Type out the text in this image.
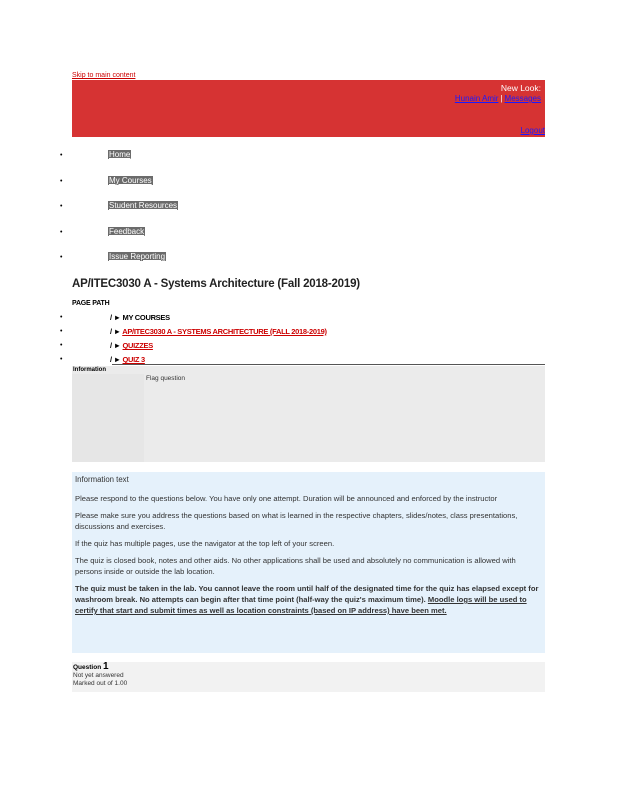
Skip to main content
New Look:
Hunain Amir | Messages
Logout
•	Home
•	My Courses
•	Student Resources
•	Feedback
•	Issue Reporting
AP/ITEC3030 A - Systems Architecture (Fall 2018-2019)
PAGE PATH
•	/ ► MY COURSES
•	/ ► AP/ITEC3030 A - SYSTEMS ARCHITECTURE (FALL 2018-2019)
•	/ ► QUIZZES
•	/ ► QUIZ 3
Information
Flag question

Information text

Please respond to the questions below. You have only one attempt. Duration will be announced and enforced by the instructor

Please make sure you address the questions based on what is learned in the respective chapters, slides/notes, class presentations, discussions and exercises.

If the quiz has multiple pages, use the navigator at the top left of your screen.

The quiz is closed book, notes and other aids. No other applications shall be used and absolutely no communication is allowed with persons inside or outside the lab location.

The quiz must be taken in the lab. You cannot leave the room until half of the designated time for the quiz has elapsed except for washroom break. No attempts can begin after that time point (half-way the quiz's maximum time). Moodle logs will be used to certify that start and submit times as well as location constraints (based on IP address) have been met.

Question 1
Not yet answered
Marked out of 1.00
